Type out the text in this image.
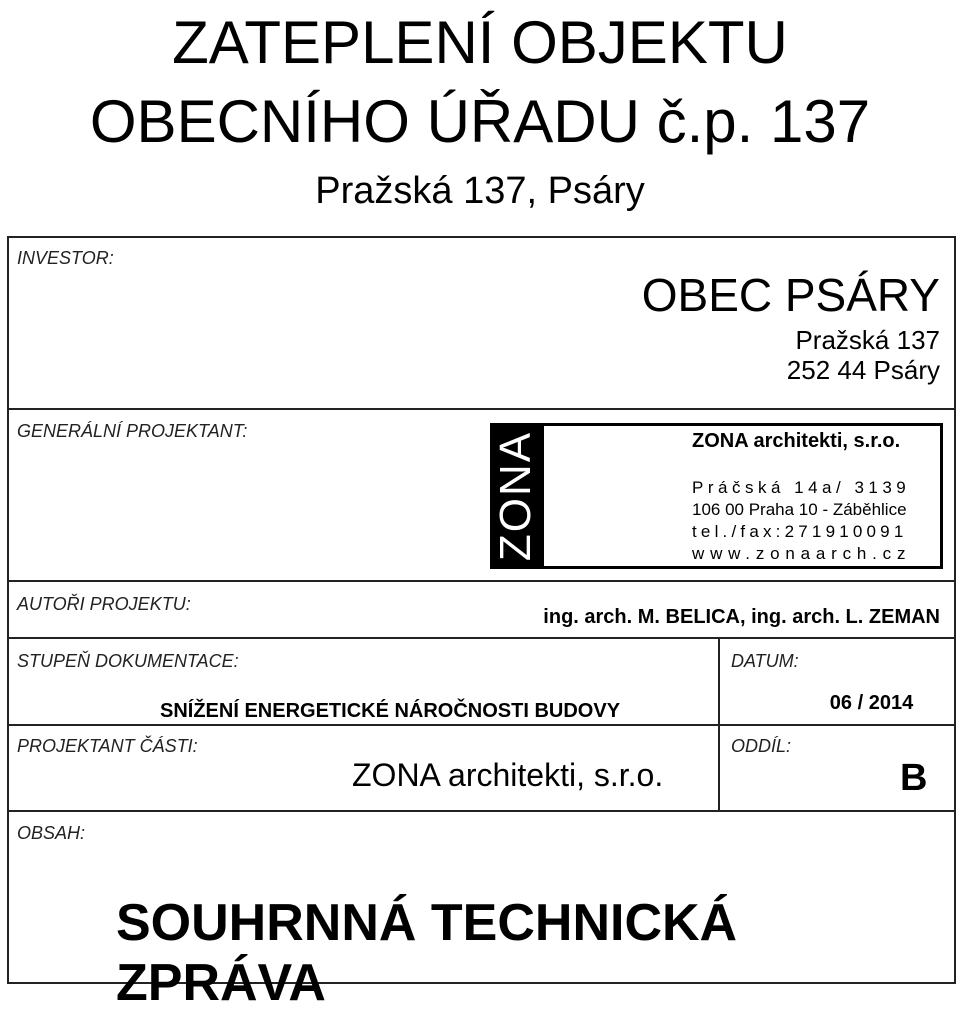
ZATEPLENÍ OBJEKTU
OBECNÍHO ÚŘADU č.p. 137
Pražská 137, Psáry
INVESTOR:
OBEC PSÁRY
Pražská 137
252 44 Psáry
GENERÁLNÍ PROJEKTANT:	ZONA	ZONA architekti, s.r.o.
Práčská 14a/ 3139
106 00 Praha 10 - Záběhlice
tel./fax:271910091
www.zonaarch.cz
AUTOŘI PROJEKTU:
ing. arch. M. BELICA, ing. arch. L. ZEMAN
STUPEŇ DOKUMENTACE:
SNÍŽENÍ ENERGETICKÉ NÁROČNOSTI BUDOVY
DATUM:
06 / 2014
PROJEKTANT ČÁSTI:
ZONA architekti, s.r.o.
ODDÍL:
B
OBSAH:
SOUHRNNÁ TECHNICKÁ ZPRÁVA
